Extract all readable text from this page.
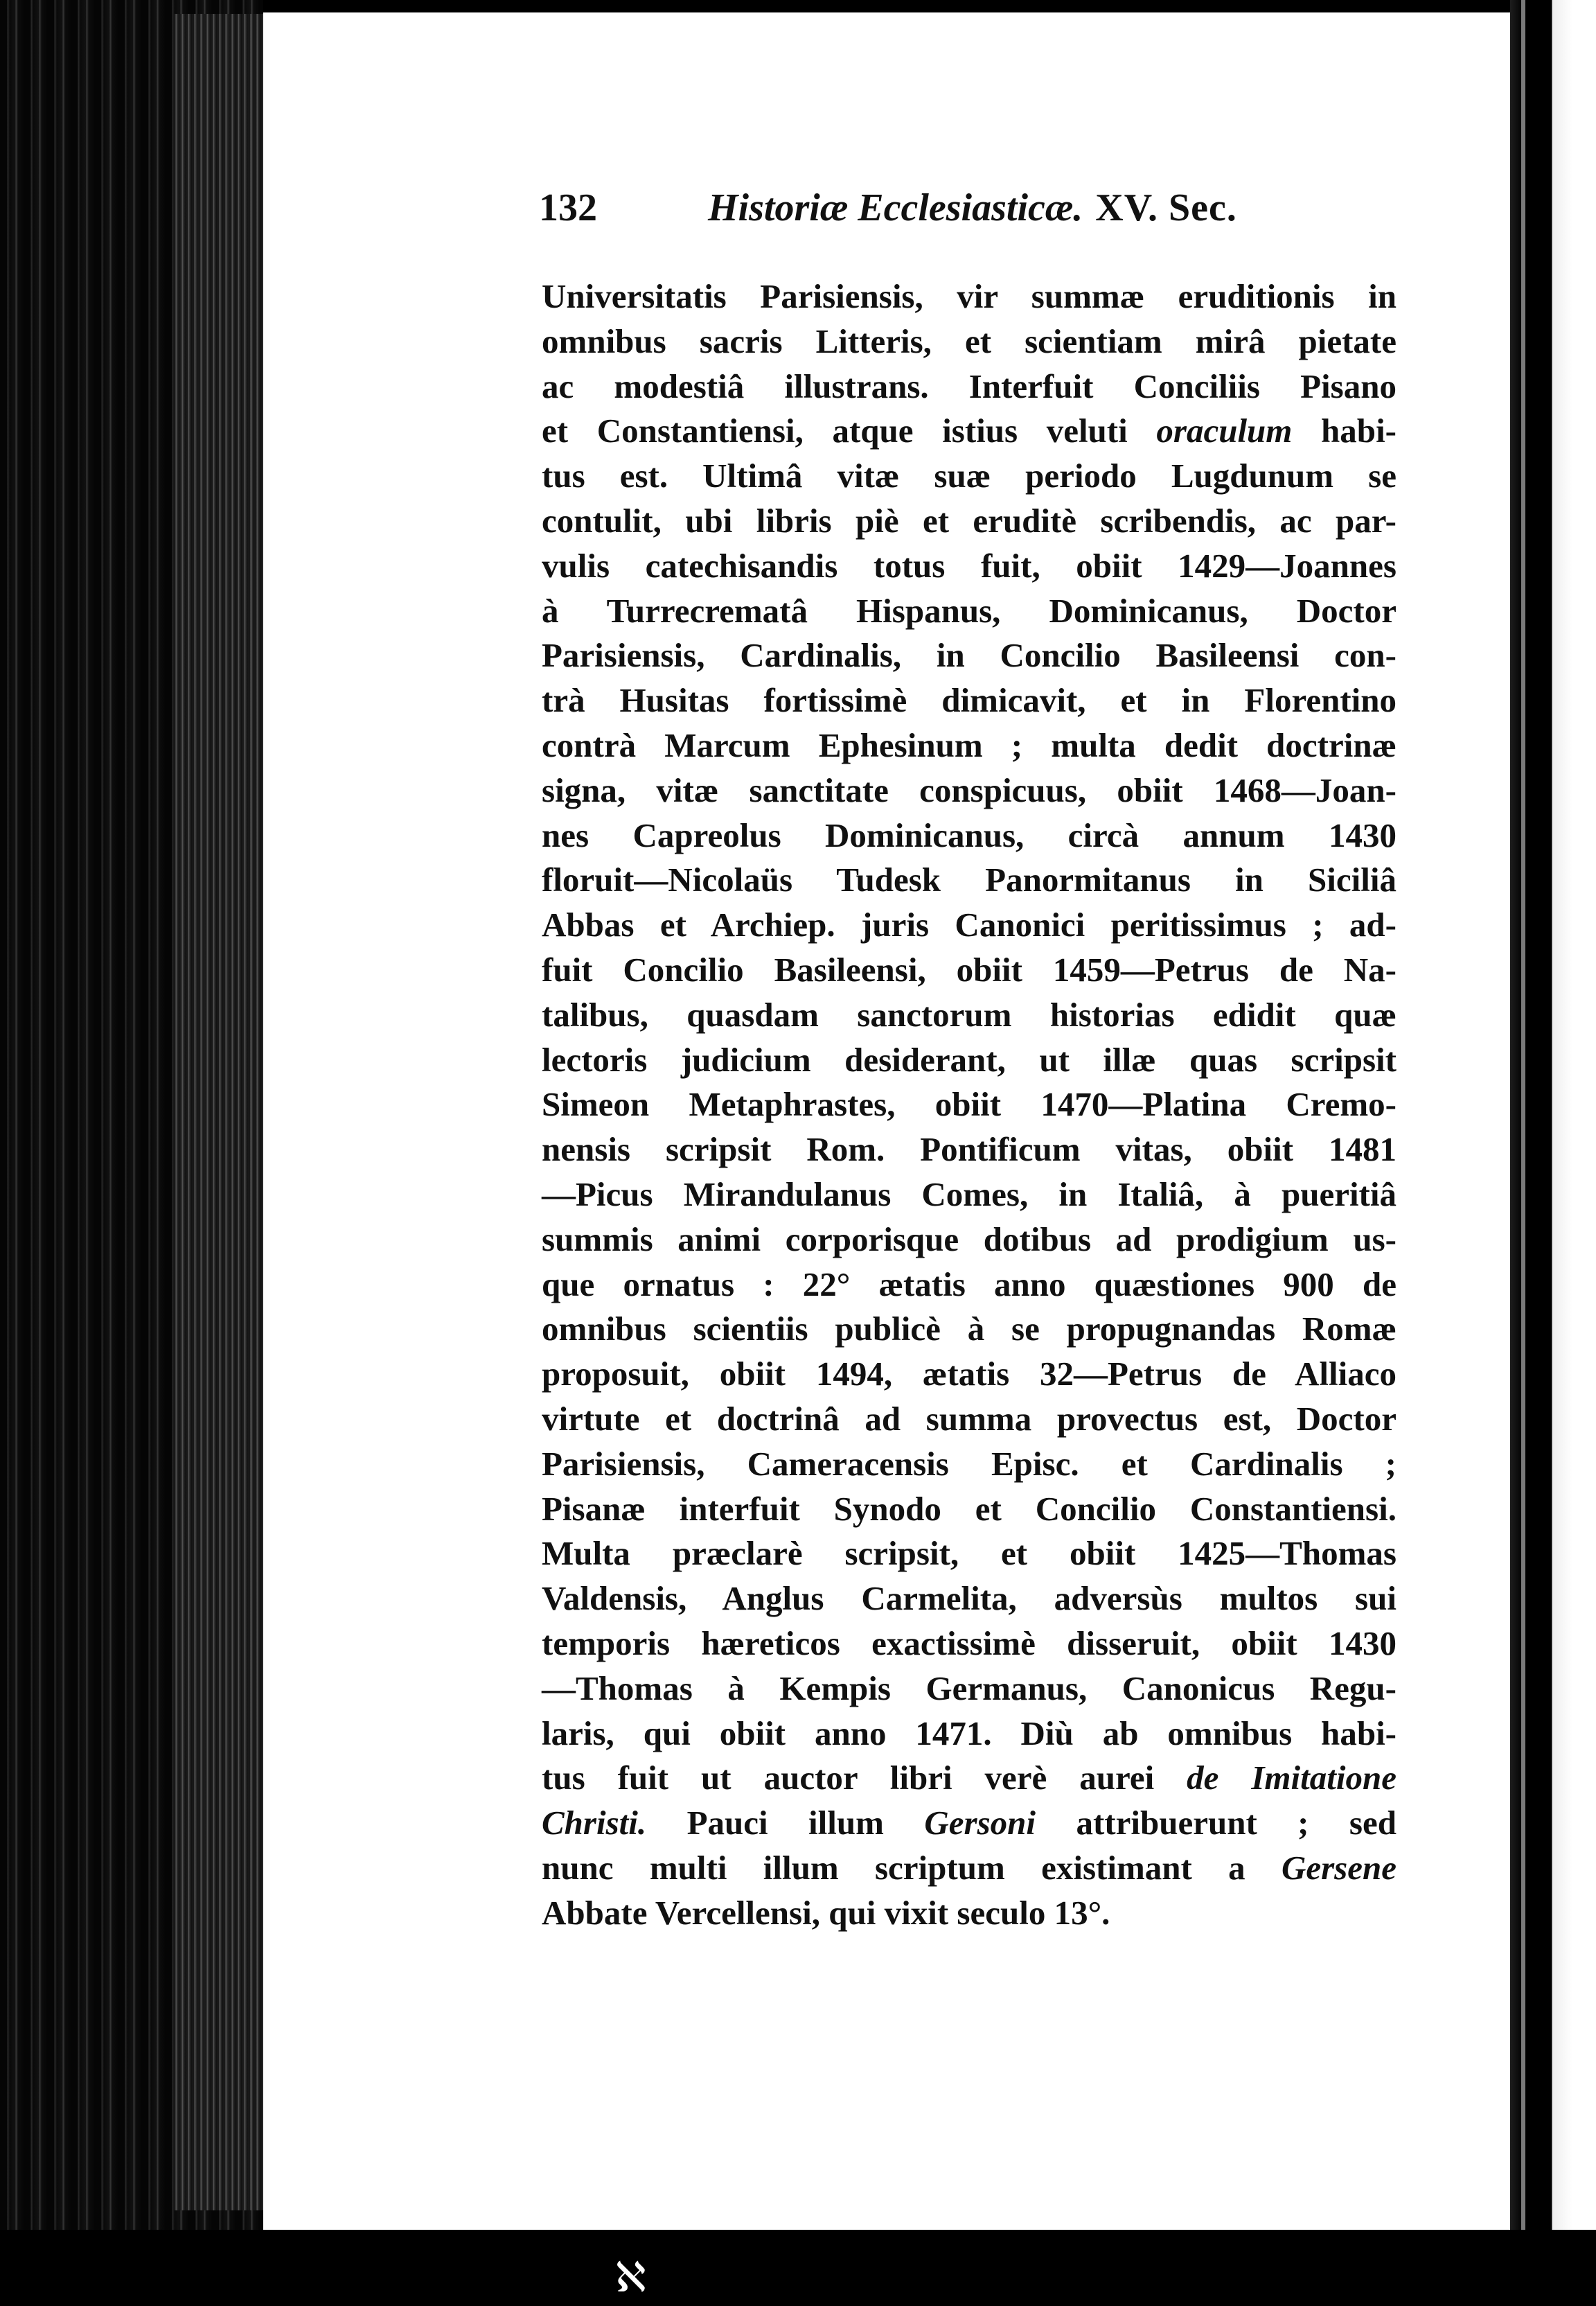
132	Historiæ Ecclesiasticæ. XV. Sec.
Universitatis Parisiensis, vir summæ eruditionis in
omnibus sacris Litteris, et scientiam mirâ pietate
ac modestiâ illustrans. Interfuit Conciliis Pisano
et Constantiensi, atque istius veluti oraculum habi-
tus est. Ultimâ vitæ suæ periodo Lugdunum se
contulit, ubi libris piè et eruditè scribendis, ac par-
vulis catechisandis totus fuit, obiit 1429—Joannes
à Turrecrematâ Hispanus, Dominicanus, Doctor
Parisiensis, Cardinalis, in Concilio Basileensi con-
trà Husitas fortissimè dimicavit, et in Florentino
contrà Marcum Ephesinum ; multa dedit doctrinæ
signa, vitæ sanctitate conspicuus, obiit 1468—Joan-
nes Capreolus Dominicanus, circà annum 1430
floruit—Nicolaüs Tudesk Panormitanus in Siciliâ
Abbas et Archiep. juris Canonici peritissimus ; ad-
fuit Concilio Basileensi, obiit 1459—Petrus de Na-
talibus, quasdam sanctorum historias edidit quæ
lectoris judicium desiderant, ut illæ quas scripsit
Simeon Metaphrastes, obiit 1470—Platina Cremo-
nensis scripsit Rom. Pontificum vitas, obiit 1481
—Picus Mirandulanus Comes, in Italiâ, à pueritiâ
summis animi corporisque dotibus ad prodigium us-
que ornatus : 22° ætatis anno quæstiones 900 de
omnibus scientiis publicè à se propugnandas Romæ
proposuit, obiit 1494, ætatis 32—Petrus de Alliaco
virtute et doctrinâ ad summa provectus est, Doctor
Parisiensis, Cameracensis Episc. et Cardinalis ;
Pisanæ interfuit Synodo et Concilio Constantiensi.
Multa præclarè scripsit, et obiit 1425—Thomas
Valdensis, Anglus Carmelita, adversùs multos sui
temporis hæreticos exactissimè disseruit, obiit 1430
—Thomas à Kempis Germanus, Canonicus Regu-
laris, qui obiit anno 1471. Diù ab omnibus habi-
tus fuit ut auctor libri verè aurei de Imitatione
Christi. Pauci illum Gersoni attribuerunt ; sed
nunc multi illum scriptum existimant a Gersene
Abbate Vercellensi, qui vixit seculo 13°.
ℵ
